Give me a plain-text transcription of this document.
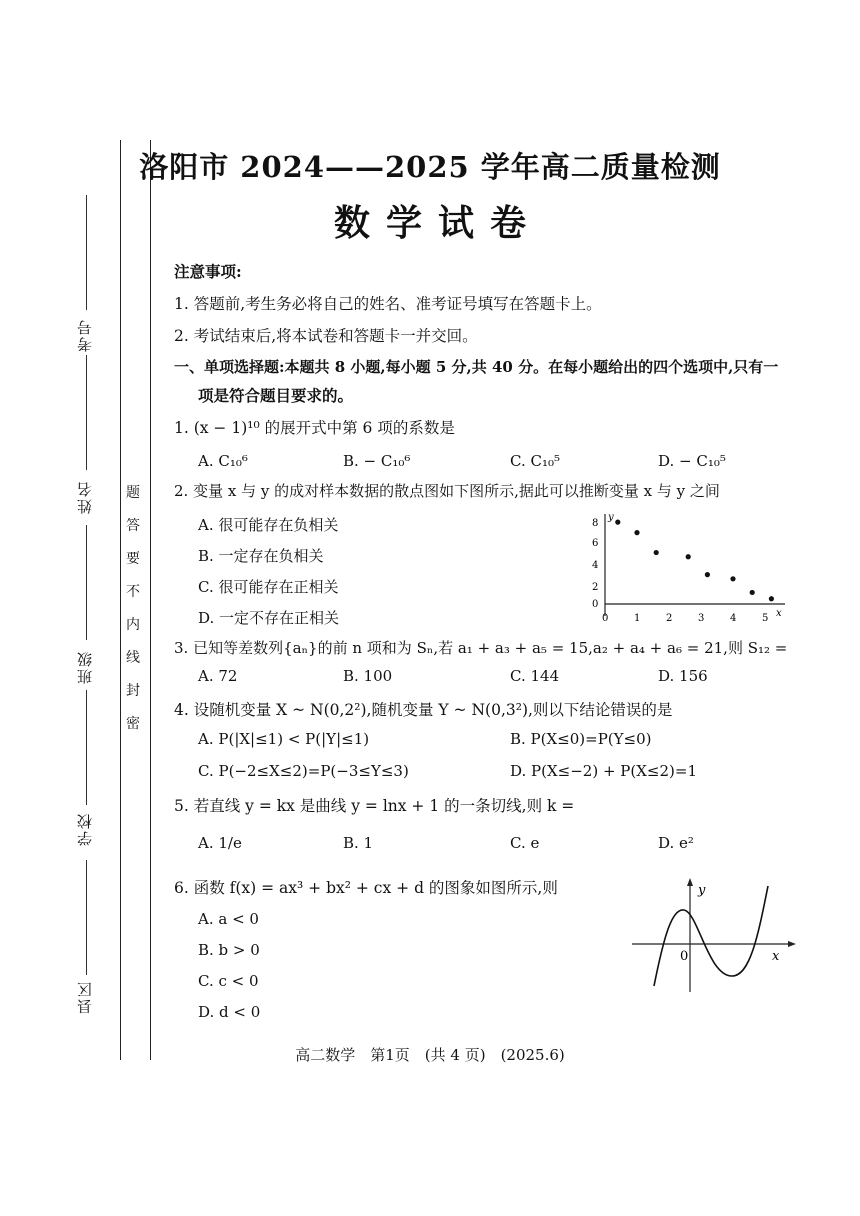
考号
姓名
班级
学校
县区
题
答
要
不
内
线
封
密
洛阳市 2024——2025 学年高二质量检测
数学试卷
注意事项:
1. 答题前,考生务必将自己的姓名、准考证号填写在答题卡上。
2. 考试结束后,将本试卷和答题卡一并交回。
一、单项选择题:本题共 8 小题,每小题 5 分,共 40 分。在每小题给出的四个选项中,只有一
项是符合题目要求的。
1. (x − 1)¹⁰ 的展开式中第 6 项的系数是
A. C₁₀⁶	B. − C₁₀⁶	C. C₁₀⁵	D. − C₁₀⁵
2. 变量 x 与 y 的成对样本数据的散点图如下图所示,据此可以推断变量 x 与 y 之间
A. 很可能存在负相关
B. 一定存在负相关
C. 很可能存在正相关
D. 一定不存在正相关
y
x
8
6
4
2
0
0	1	2	3	4	5
3. 已知等差数列{aₙ}的前 n 项和为 Sₙ,若 a₁ + a₃ + a₅ = 15,a₂ + a₄ + a₆ = 21,则 S₁₂ =
A. 72	B. 100	C. 144	D. 156
4. 设随机变量 X ~ N(0,2²),随机变量 Y ~ N(0,3²),则以下结论错误的是
A. P(|X|≤1) < P(|Y|≤1)	B. P(X≤0)=P(Y≤0)
C. P(−2≤X≤2)=P(−3≤Y≤3)	D. P(X≤−2) + P(X≤2)=1
5. 若直线 y = kx 是曲线 y = lnx + 1 的一条切线,则 k =
A. 1/e	B. 1	C. e	D. e²
6. 函数 f(x) = ax³ + bx² + cx + d 的图象如图所示,则
A. a < 0
B. b > 0
C. c < 0
D. d < 0
y
x
0
高二数学　第1页　(共 4 页)　(2025.6)
